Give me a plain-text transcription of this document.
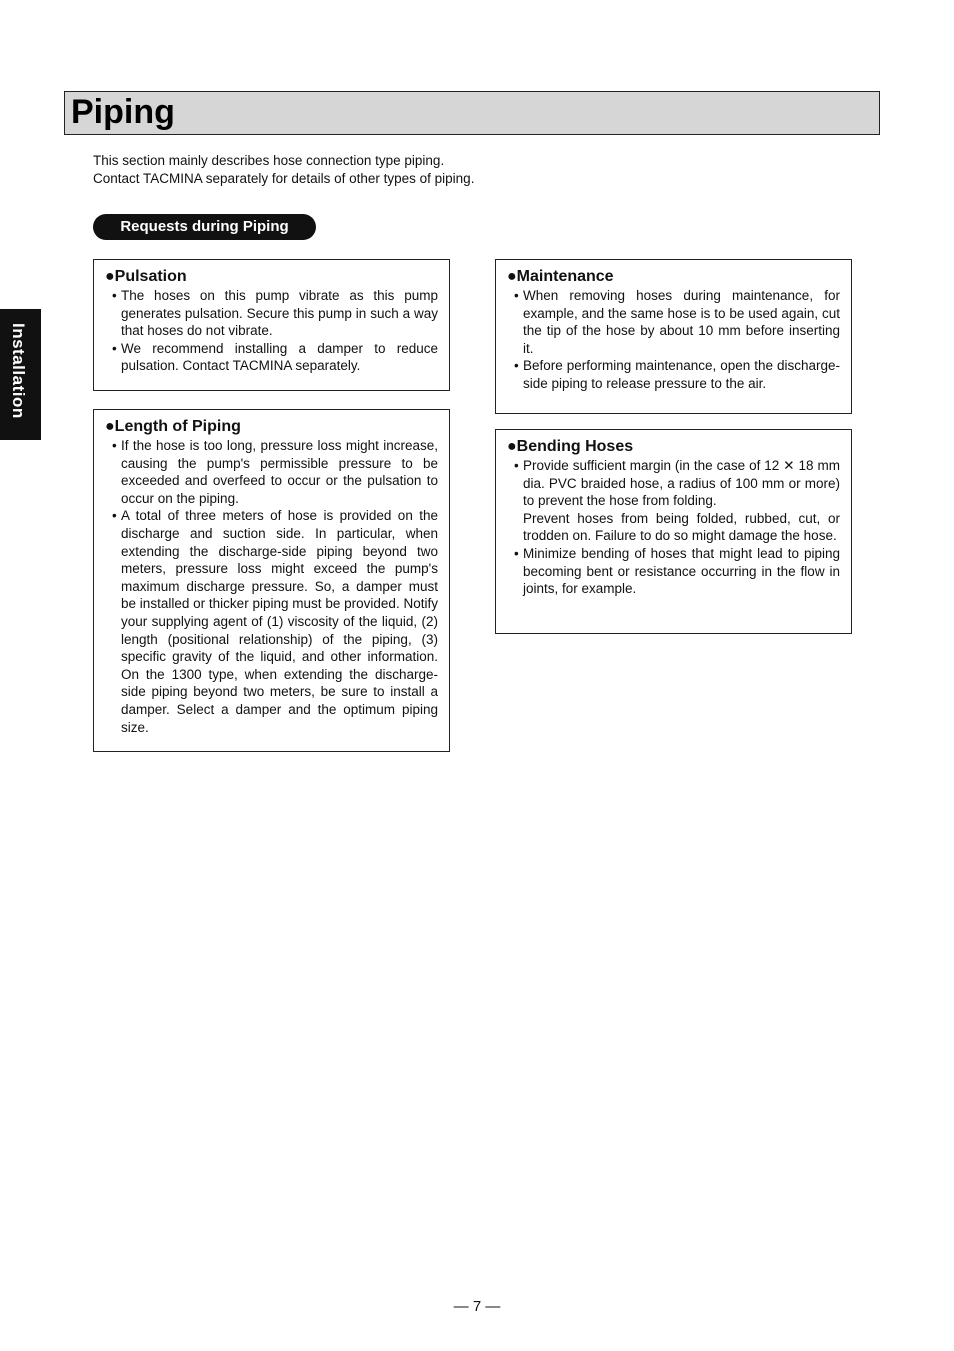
Piping
This section mainly describes hose connection type piping.
Contact TACMINA separately for details of other types of piping.
Requests during Piping
Installation
●Pulsation
• The hoses on this pump vibrate as this pump generates pulsation. Secure this pump in such a way that hoses do not vibrate.
• We recommend installing a damper to reduce pulsation. Contact TACMINA separately.
●Length of Piping
• If the hose is too long, pressure loss might increase, causing the pump's permissible pressure to be exceeded and overfeed to occur or the pulsation to occur on the piping.
• A total of three meters of hose is provided on the discharge and suction side. In particular, when extending the discharge-side piping beyond two meters, pressure loss might exceed the pump's maximum discharge pressure. So, a damper must be installed or thicker piping must be provided. Notify your supplying agent of (1) viscosity of the liquid, (2) length (positional relationship) of the piping, (3) specific gravity of the liquid, and other information. On the 1300 type, when extending the discharge-side piping beyond two meters, be sure to install a damper. Select a damper and the optimum piping size.
●Maintenance
• When removing hoses during maintenance, for example, and the same hose is to be used again, cut the tip of the hose by about 10 mm before inserting it.
• Before performing maintenance, open the discharge-side piping to release pressure to the air.
●Bending Hoses
• Provide sufficient margin (in the case of 12 ✕ 18 mm dia. PVC braided hose, a radius of 100 mm or more) to prevent the hose from folding.
Prevent hoses from being folded, rubbed, cut, or trodden on. Failure to do so might damage the hose.
• Minimize bending of hoses that might lead to piping becoming bent or resistance occurring in the flow in joints, for example.
— 7 —
